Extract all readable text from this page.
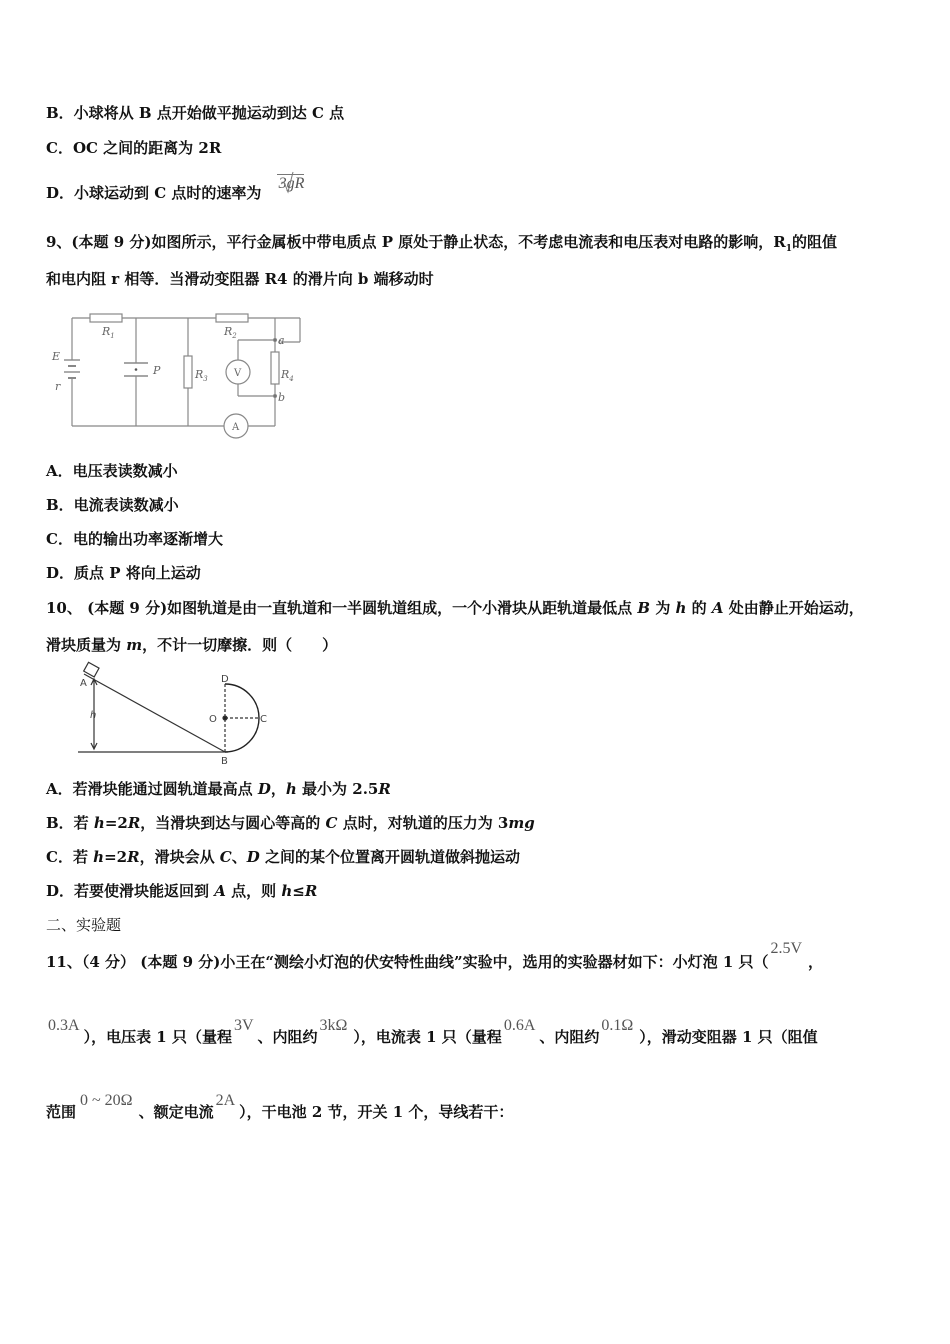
B．小球将从 B 点开始做平抛运动到达 C 点
C．OC 之间的距离为 2R
D．小球运动到 C 点时的速率为 3gR
9、(本题 9 分)如图所示，平行金属板中带电质点 P 原处于静止状态，不考虑电流表和电压表对电路的影响，$R_1$的阻值
和电内阻 r 相等．当滑动变阻器 R4 的滑片向 b 端移动时
E
r
$R_1$	$R_2$
$R_3$	$R_4$
P	V
A
a
b
A．电压表读数减小
B．电流表读数减小
C．电的输出功率逐渐增大
D．质点 P 将向上运动
10、 (本题 9 分)如图轨道是由一直轨道和一半圆轨道组成，一个小滑块从距轨道最低点 B 为 h 的 A 处由静止开始运动，
滑块质量为 m，不计一切摩擦．则（　　）
A
h
D
O	C
B
A．若滑块能通过圆轨道最高点 D，h 最小为 2.5R
B．若 h=2R，当滑块到达与圆心等高的 C 点时，对轨道的压力为 3mg
C．若 h=2R，滑块会从 C、D 之间的某个位置离开圆轨道做斜抛运动
D．若要使滑块能返回到 A 点，则 h≤R
二、实验题
11、（4 分） (本题 9 分)小王在“测绘小灯泡的伏安特性曲线”实验中，选用的实验器材如下：小灯泡 1 只（2.5V，
0.3A），电压表 1 只（量程3V、内阻约3kΩ），电流表 1 只（量程0.6A、内阻约0.1Ω），滑动变阻器 1 只（阻值
范围0 ~ 20Ω、额定电流2A），干电池 2 节，开关 1 个，导线若干：
